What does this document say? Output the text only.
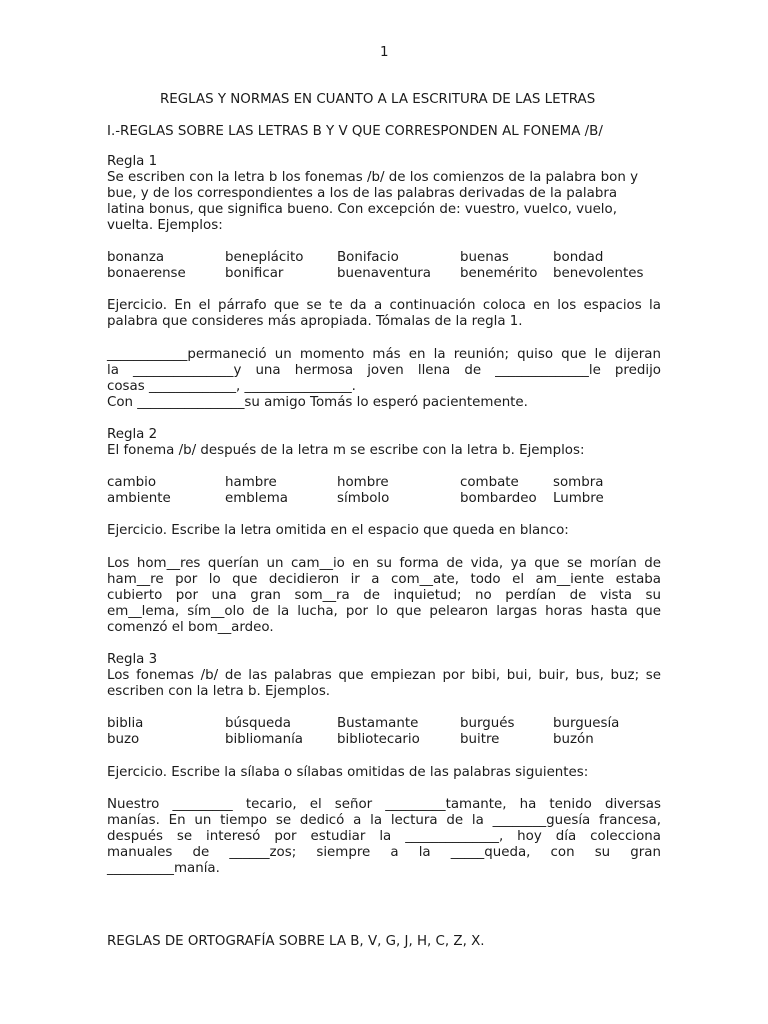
1
REGLAS Y NORMAS EN CUANTO A LA ESCRITURA DE LAS LETRAS
I.-REGLAS SOBRE LAS LETRAS B Y V QUE CORRESPONDEN AL FONEMA /B/
Regla 1
Se escriben con la letra b los fonemas /b/ de los comienzos de la palabra bon y
bue, y de los correspondientes a los de las palabras derivadas de la palabra
latina bonus, que significa bueno. Con excepción de: vuestro, vuelco, vuelo,
vuelta. Ejemplos:
bonanza	beneplácito	Bonifacio	buenas	bondad
bonaerense	bonificar	buenaventura benemérito benevolentes
Ejercicio. En el párrafo que se te da a continuación coloca en los espacios la
palabra que consideres más apropiada. Tómalas de la regla 1.
____________permaneció un momento más en la reunión; quiso que le dijeran
la _______________y una hermosa joven llena de ______________le predijo
cosas _____________, ________________.
Con ________________su amigo Tomás lo esperó pacientemente.
Regla 2
El fonema /b/ después de la letra m se escribe con la letra b. Ejemplos:
cambio	hambre	hombre	combate	sombra
ambiente	emblema	símbolo	bombardeo Lumbre
Ejercicio. Escribe la letra omitida en el espacio que queda en blanco:
Los hom__res querían un cam__io en su forma de vida, ya que se morían de
ham__re por lo que decidieron ir a com__ate, todo el am__iente estaba
cubierto por una gran som__ra de inquietud; no perdían de vista su
em__lema, sím__olo de la lucha, por lo que pelearon largas horas hasta que
comenzó el bom__ardeo.
Regla 3
Los fonemas /b/ de las palabras que empiezan por bibi, bui, buir, bus, buz; se
escriben con la letra b. Ejemplos.
biblia	búsqueda	Bustamante	burgués	burguesía
buzo	bibliomanía	bibliotecario	buitre	buzón
Ejercicio. Escribe la sílaba o sílabas omitidas de las palabras siguientes:
Nuestro _________ tecario, el señor _________tamante, ha tenido diversas
manías. En un tiempo se dedicó a la lectura de la ________guesía francesa,
después se interesó por estudiar la ______________, hoy día colecciona
manuales de ______zos; siempre a la _____queda, con su gran
__________manía.
REGLAS DE ORTOGRAFÍA SOBRE LA B, V, G, J, H, C, Z, X.
